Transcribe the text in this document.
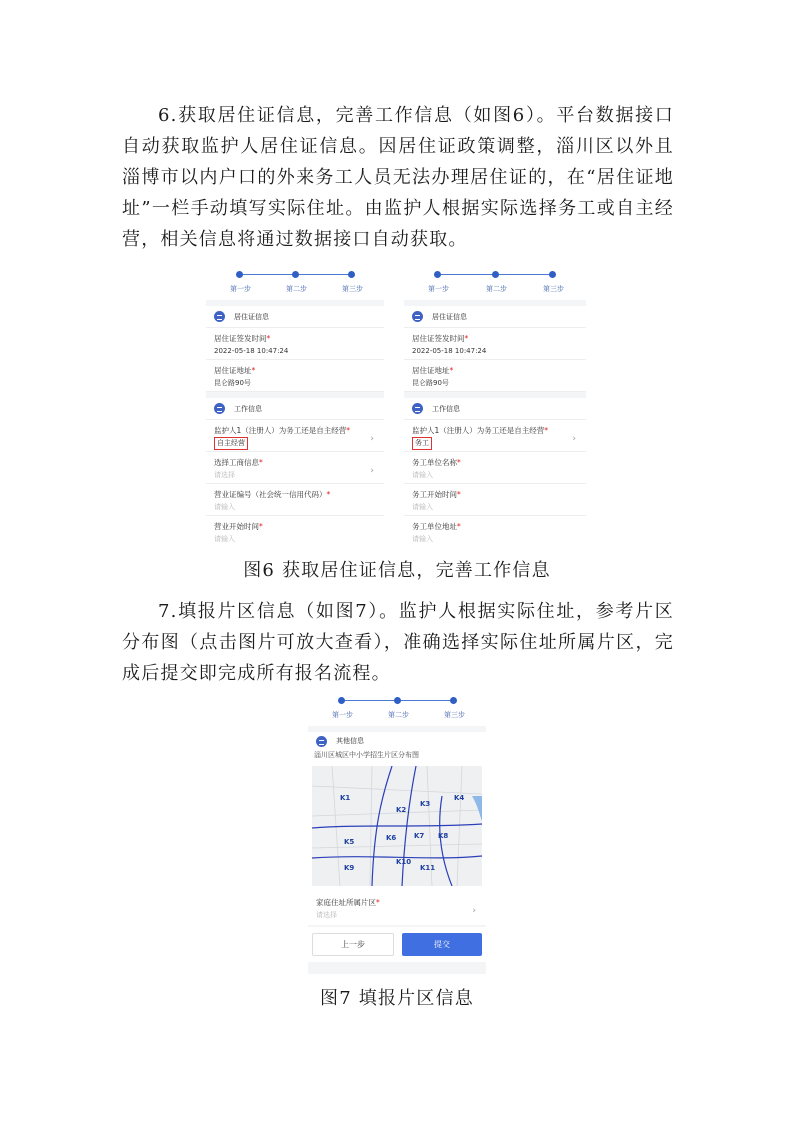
6.获取居住证信息，完善工作信息（如图6）。平台数据接口自动获取监护人居住证信息。因居住证政策调整，淄川区以外且淄博市以内户口的外来务工人员无法办理居住证的，在“居住证地址”一栏手动填写实际住址。由监护人根据实际选择务工或自主经营，相关信息将通过数据接口自动获取。

第一步	第二步	第三步
居住证信息
居住证签发时间*
2022-05-18 10:47:24
居住证地址*
昆仑路90号
工作信息
监护人1（注册人）为务工还是自主经营*
自主经营	›
选择工商信息*
请选择	›
营业证编号（社会统一信用代码）*
请输入
营业开始时间*
请输入
第一步	第二步	第三步
居住证信息
居住证签发时间*
2022-05-18 10:47:24
居住证地址*
昆仑路90号
工作信息
监护人1（注册人）为务工还是自主经营*
务工	›
务工单位名称*
请输入
务工开始时间*
请输入
务工单位地址*
请输入
图6 获取居住证信息，完善工作信息

7.填报片区信息（如图7）。监护人根据实际住址，参考片区分布图（点击图片可放大查看），准确选择实际住址所属片区，完成后提交即完成所有报名流程。

第一步	第二步	第三步
其他信息
淄川区城区中小学招生片区分布图
K1
K2
K3
K4
K5	K6	K7 K8
K9
K10
K11
家庭住址所属片区*
请选择	›
上一步	提交
图7 填报片区信息
